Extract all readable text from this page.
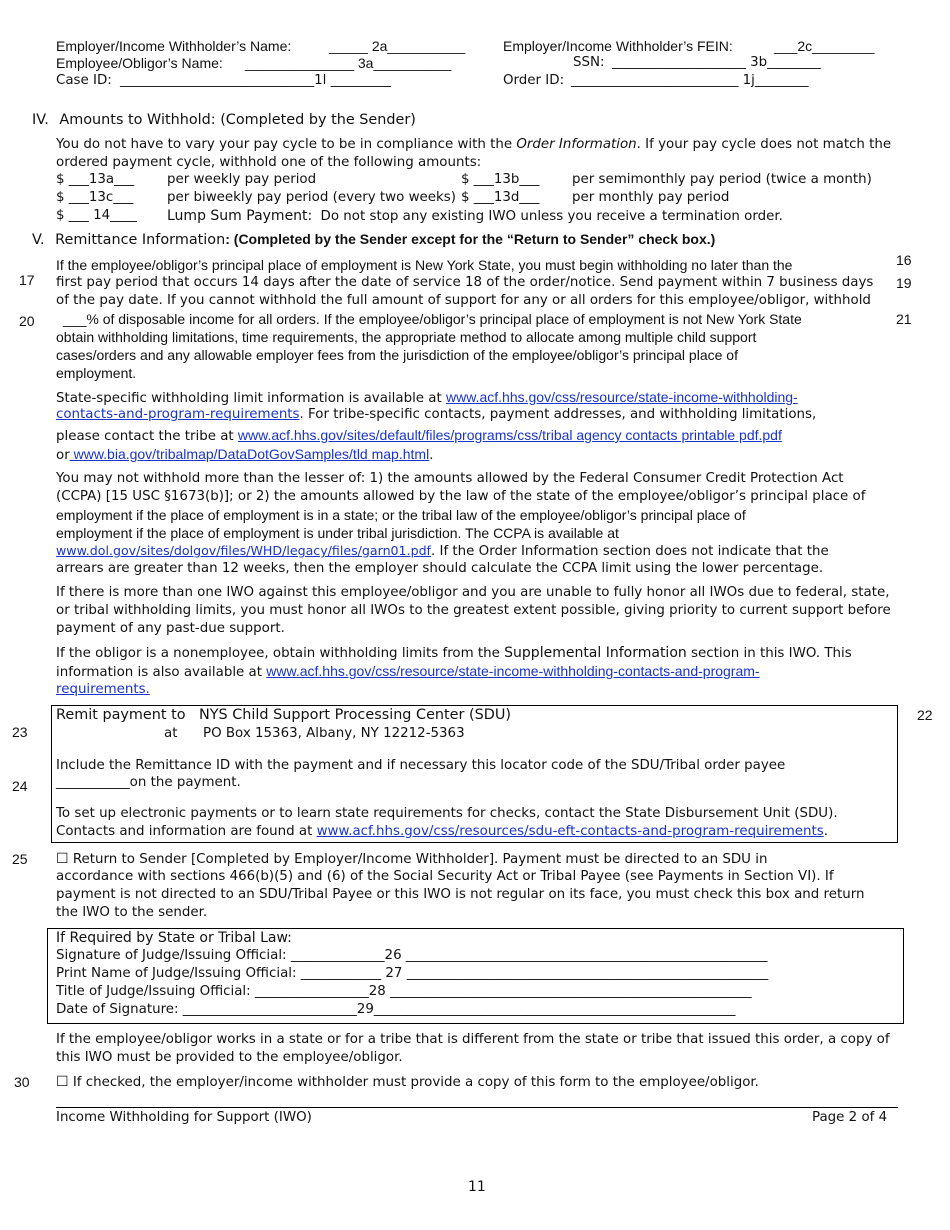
Employer/Income Withholder’s Name:	_____ 2a__________	Employer/Income Withholder’s FEIN:	___2c________
Employee/Obligor’s Name: ______________ 3a__________	SSN: ____________________ 3b________
Case ID: _____________________________1l _________	Order ID: _________________________ 1j________
IV. Amounts to Withhold: (Completed by the Sender)
You do not have to vary your pay cycle to be in compliance with the Order Information. If your pay cycle does not match the
ordered payment cycle, withhold one of the following amounts:
$ ___13a___ per weekly pay period	$ ___13b___ per semimonthly pay period (twice a month)
$ ___13c___	per biweekly pay period (every two weeks) $ ___13d___ per monthly pay period
$ ___ 14____ Lump Sum Payment: Do not stop any existing IWO unless you receive a termination order.
V. Remittance Information: (Completed by the Sender except for the “Return to Sender” check box.)
If the employee/obligor’s principal place of employment is New York State, you must begin withholding no later than the
first pay period that occurs 14 days after the date of service 18 of the order/notice. Send payment within 7 business days
of the pay date. If you cannot withhold the full amount of support for any or all orders for this employee/obligor, withhold
___% of disposable income for all orders. If the employee/obligor’s principal place of employment is not New York State
obtain withholding limitations, time requirements, the appropriate method to allocate among multiple child support
cases/orders and any allowable employer fees from the jurisdiction of the employee/obligor’s principal place of
employment.
State-specific withholding limit information is available at www.acf.hhs.gov/css/resource/state-income-withholding-
contacts-and-program-requirements. For tribe-specific contacts, payment addresses, and withholding limitations,
please contact the tribe at www.acf.hhs.gov/sites/default/files/programs/css/tribal agency contacts printable pdf.pdf
or www.bia.gov/tribalmap/DataDotGovSamples/tld map.html.
You may not withhold more than the lesser of: 1) the amounts allowed by the Federal Consumer Credit Protection Act
(CCPA) [15 USC §1673(b)]; or 2) the amounts allowed by the law of the state of the employee/obligor’s principal place of
employment if the place of employment is in a state; or the tribal law of the employee/obligor’s principal place of
employment if the place of employment is under tribal jurisdiction. The CCPA is available at
www.dol.gov/sites/dolgov/files/WHD/legacy/files/garn01.pdf. If the Order Information section does not indicate that the
arrears are greater than 12 weeks, then the employer should calculate the CCPA limit using the lower percentage.
If there is more than one IWO against this employee/obligor and you are unable to fully honor all IWOs due to federal, state,
or tribal withholding limits, you must honor all IWOs to the greatest extent possible, giving priority to current support before
payment of any past-due support.
If the obligor is a nonemployee, obtain withholding limits from the Supplemental Information section in this IWO. This
information is also available at www.acf.hhs.gov/css/resource/state-income-withholding-contacts-and-program-
requirements.
Remit payment to NYS Child Support Processing Center (SDU)
at PO Box 15363, Albany, NY 12212-5363
Include the Remittance ID with the payment and if necessary this locator code of the SDU/Tribal order payee
___________on the payment.
To set up electronic payments or to learn state requirements for checks, contact the State Disbursement Unit (SDU).
Contacts and information are found at www.acf.hhs.gov/css/resources/sdu-eft-contacts-and-program-requirements.
☐ Return to Sender [Completed by Employer/Income Withholder]. Payment must be directed to an SDU in
accordance with sections 466(b)(5) and (6) of the Social Security Act or Tribal Payee (see Payments in Section VI). If
payment is not directed to an SDU/Tribal Payee or this IWO is not regular on its face, you must check this box and return
the IWO to the sender.
If Required by State or Tribal Law:
Signature of Judge/Issuing Official: ______________26 ______________________________________________________
Print Name of Judge/Issuing Official: ____________ 27 ______________________________________________________
Title of Judge/Issuing Official: _________________28 ______________________________________________________
Date of Signature: __________________________29______________________________________________________
If the employee/obligor works in a state or for a tribe that is different from the state or tribe that issued this order, a copy of
this IWO must be provided to the employee/obligor.
☐ If checked, the employer/income withholder must provide a copy of this form to the employee/obligor.
Income Withholding for Support (IWO)	Page 2 of 4
11
16
17	19
20	21
22
23
24
25
30
